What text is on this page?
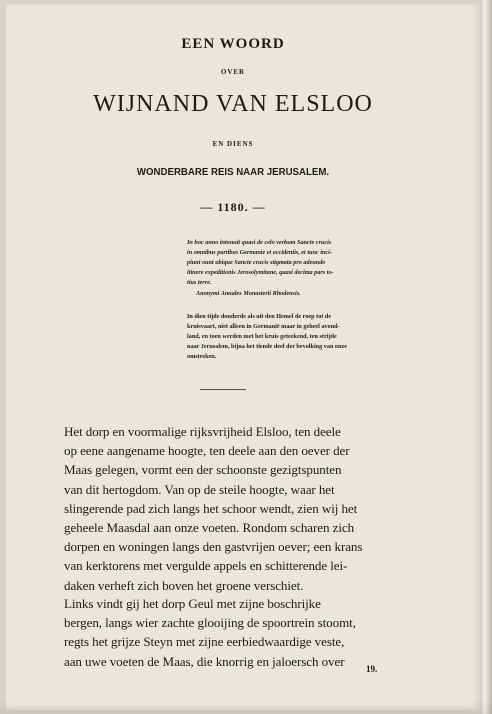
EEN WOORD
OVER
WIJNAND VAN ELSLOO
EN DIENS
WONDERBARE REIS NAAR JERUSALEM.
— 1180. —
In hoc anno intonuit quasi de celo verbum Sancte crucis
in omnibus partibus Germanie et occidentis, et tunc inci-
piunt ount ubique Sancte crucis stigmata pro adeundo
itinere expeditionis Jerosolymitane, quasi decima pars to-
tius terre.
Anonymi Annales Monasterii Rhodensis.
In dien tijde donderde als uit den Hemel de roep tot de
kruisvaart, niet alleen in Germanië maar in geheel avond-
land, en toen werden met het kruis geteekend, ten strijde
naar Jerusalem, bijna het tiende deel der bevolking van onze
omstreken.
Het dorp en voormalige rijksvrijheid Elsloo, ten deele
op eene aangename hoogte, ten deele aan den oever der
Maas gelegen, vormt een der schoonste gezigtspunten
van dit hertogdom. Van op de steile hoogte, waar het
slingerende pad zich langs het schoor wendt, zien wij het
geheele Maasdal aan onze voeten. Rondom scharen zich
dorpen en woningen langs den gastvrijen oever; een krans
van kerktorens met vergulde appels en schitterende lei-
daken verheft zich boven het groene verschiet.
Links vindt gij het dorp Geul met zijne boschrijke
bergen, langs wier zachte glooijing de spoortrein stoomt,
regts het grijze Steyn met zijne eerbiedwaardige veste,
aan uwe voeten de Maas, die knorrig en jaloersch over
19.
